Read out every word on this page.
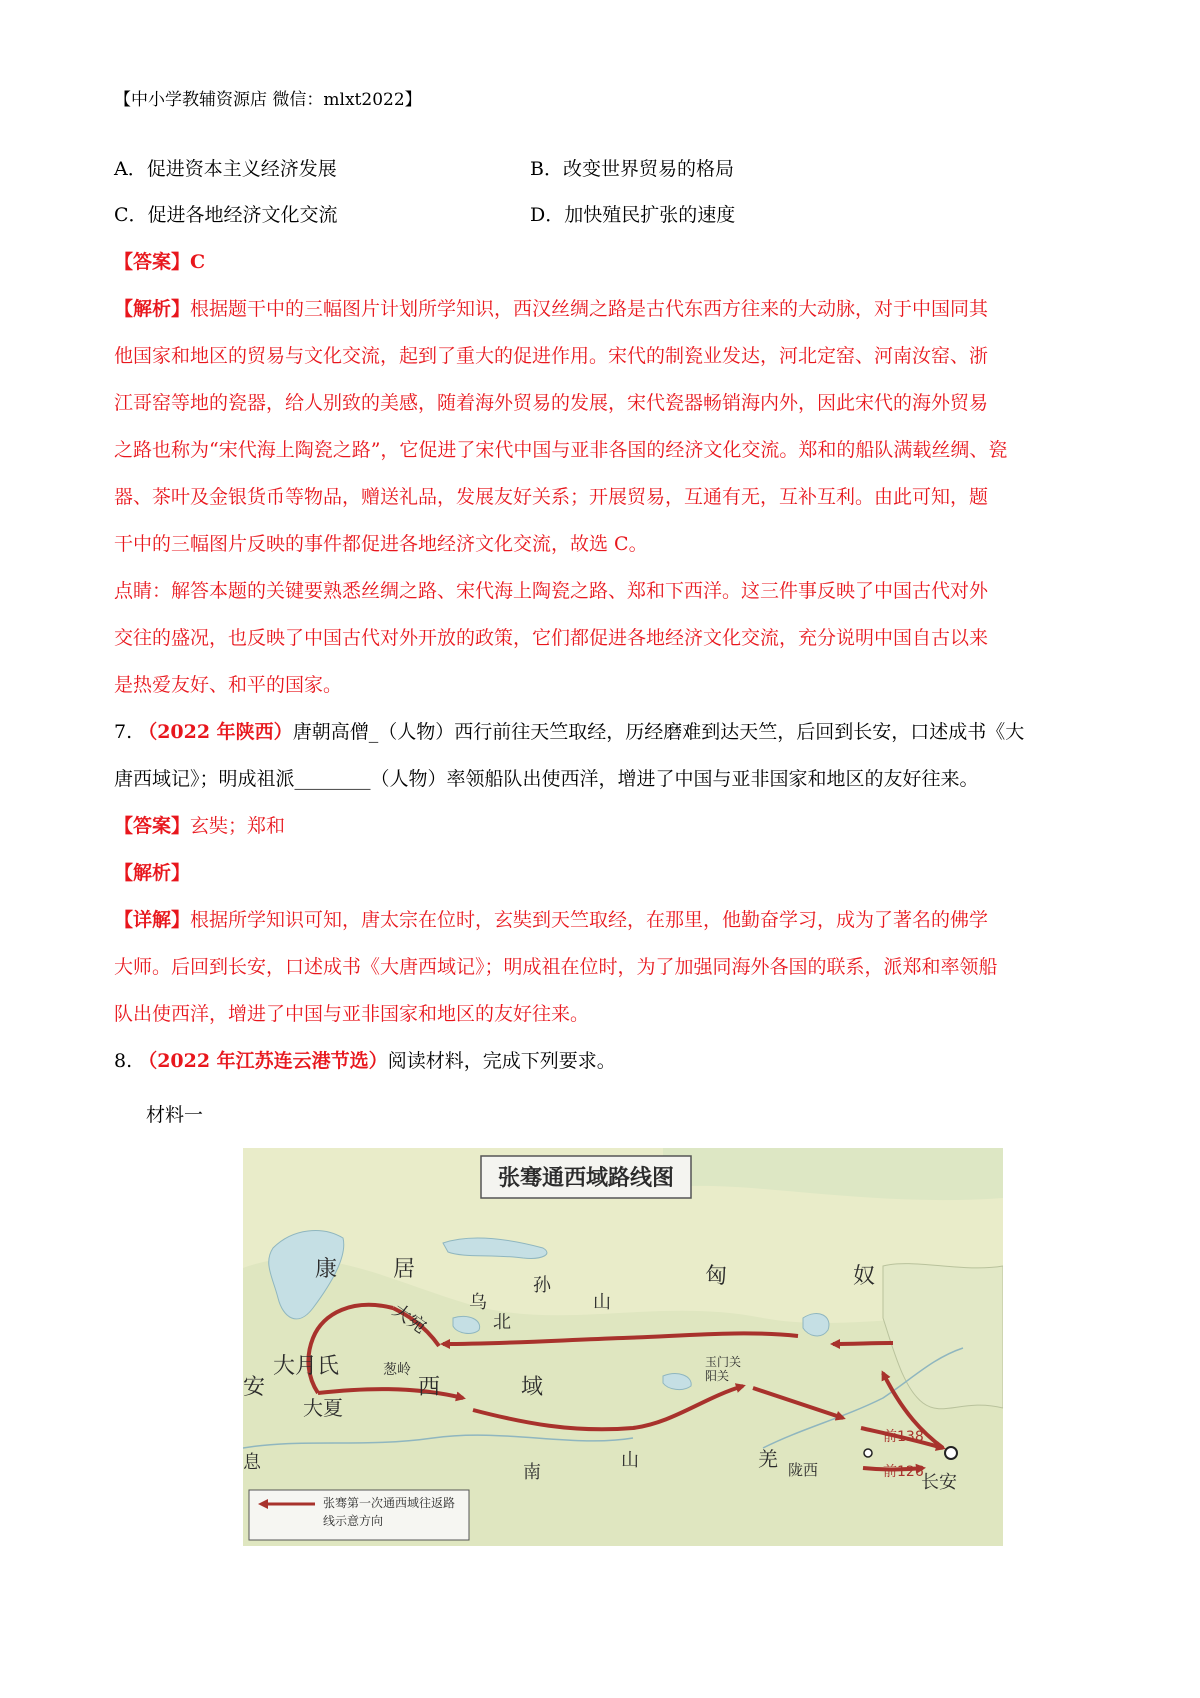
【中小学教辅资源店 微信：mlxt2022】
A．促进资本主义经济发展	B．改变世界贸易的格局
C．促进各地经济文化交流	D．加快殖民扩张的速度
【答案】C
【解析】根据题干中的三幅图片计划所学知识，西汉丝绸之路是古代东西方往来的大动脉，对于中国同其
他国家和地区的贸易与文化交流，起到了重大的促进作用。宋代的制瓷业发达，河北定窑、河南汝窑、浙
江哥窑等地的瓷器，给人别致的美感，随着海外贸易的发展，宋代瓷器畅销海内外，因此宋代的海外贸易
之路也称为“宋代海上陶瓷之路”，它促进了宋代中国与亚非各国的经济文化交流。郑和的船队满载丝绸、瓷
器、茶叶及金银货币等物品，赠送礼品，发展友好关系；开展贸易，互通有无，互补互利。由此可知，题
干中的三幅图片反映的事件都促进各地经济文化交流，故选 C。
点睛：解答本题的关键要熟悉丝绸之路、宋代海上陶瓷之路、郑和下西洋。这三件事反映了中国古代对外
交往的盛况，也反映了中国古代对外开放的政策，它们都促进各地经济文化交流，充分说明中国自古以来
是热爱友好、和平的国家。
7. （2022 年陕西）唐朝高僧_（人物）西行前往天竺取经，历经磨难到达天竺，后回到长安，口述成书《大
唐西域记》；明成祖派________（人物）率领船队出使西洋，增进了中国与亚非国家和地区的友好往来。
【答案】玄奘；郑和
【解析】
【详解】根据所学知识可知，唐太宗在位时，玄奘到天竺取经，在那里，他勤奋学习，成为了著名的佛学
大师。后回到长安，口述成书《大唐西域记》；明成祖在位时，为了加强同海外各国的联系，派郑和率领船
队出使西洋，增进了中国与亚非国家和地区的友好往来。
8. （2022 年江苏连云港节选）阅读材料，完成下列要求。
材料一
张骞通西域路线图
康	居
乌
孙
山
北
匈	奴
大宛
大月氏
安
息
大夏
葱岭
西	域
南
山
玉门关
阳关
羌 陇西
长安
前138
前126
张骞第一次通西域往返路线示意方向
